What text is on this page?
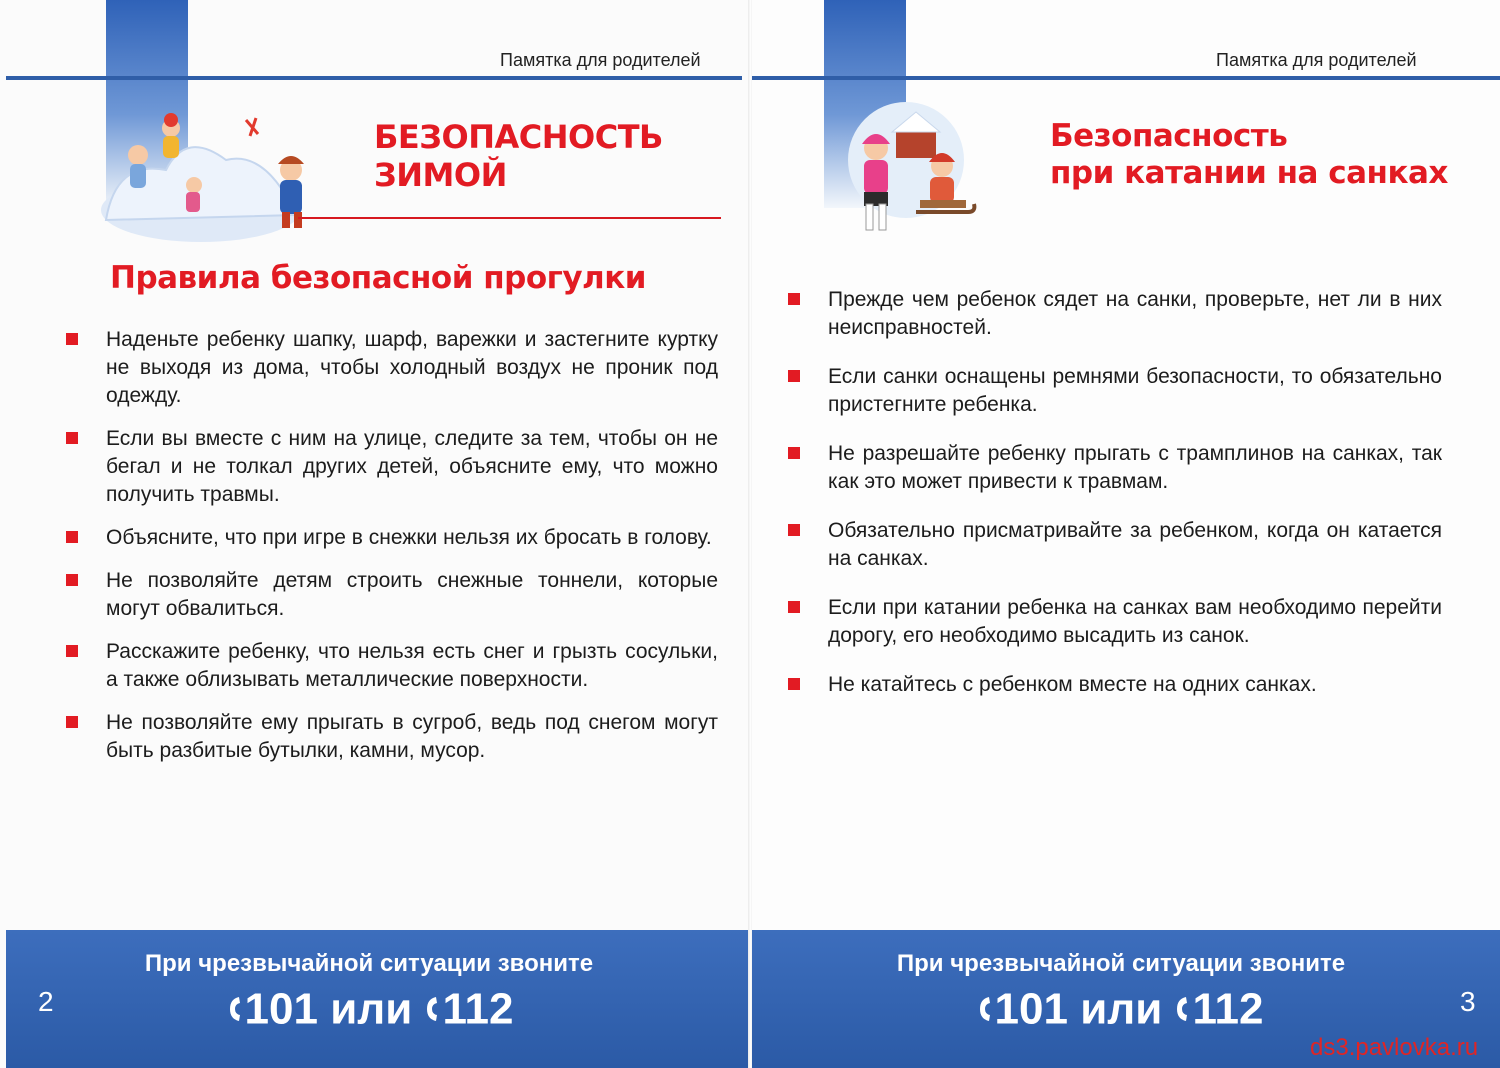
Памятка для родителей
БЕЗОПАСНОСТЬ
ЗИМОЙ
Правила безопасной прогулки
Наденьте ребенку шапку, шарф, варежки и застегните куртку не выходя из дома, чтобы холодный воздух не проник под одежду.
Если вы вместе с ним на улице, следите за тем, чтобы он не бегал и не толкал других детей, объясните ему, что можно получить травмы.
Объясните, что при игре в снежки нельзя их бросать в голову.
Не позволяйте детям строить снежные тоннели, которые могут обвалиться.
Расскажите ребенку, что нельзя есть снег и грызть сосульки, а также облизывать металлические поверхности.
Не позволяйте ему прыгать в сугроб, ведь под снегом могут быть разбитые бутылки, камни, мусор.
При чрезвычайной ситуации звоните
101 или 112
2
Памятка для родителей
Безопасность
при катании на санках
Прежде чем ребенок сядет на санки, проверьте, нет ли в них неисправностей.
Если санки оснащены ремнями безопасности, то обязательно пристегните ребенка.
Не разрешайте ребенку прыгать с трамплинов на санках, так как это может привести к травмам.
Обязательно присматривайте за ребенком, когда он катается на санках.
Если при катании ребенка на санках вам необходимо перейти дорогу, его необходимо высадить из санок.
Не катайтесь с ребенком вместе на одних санках.
При чрезвычайной ситуации звоните
101 или 112	3
ds3.pavlovka.ru
